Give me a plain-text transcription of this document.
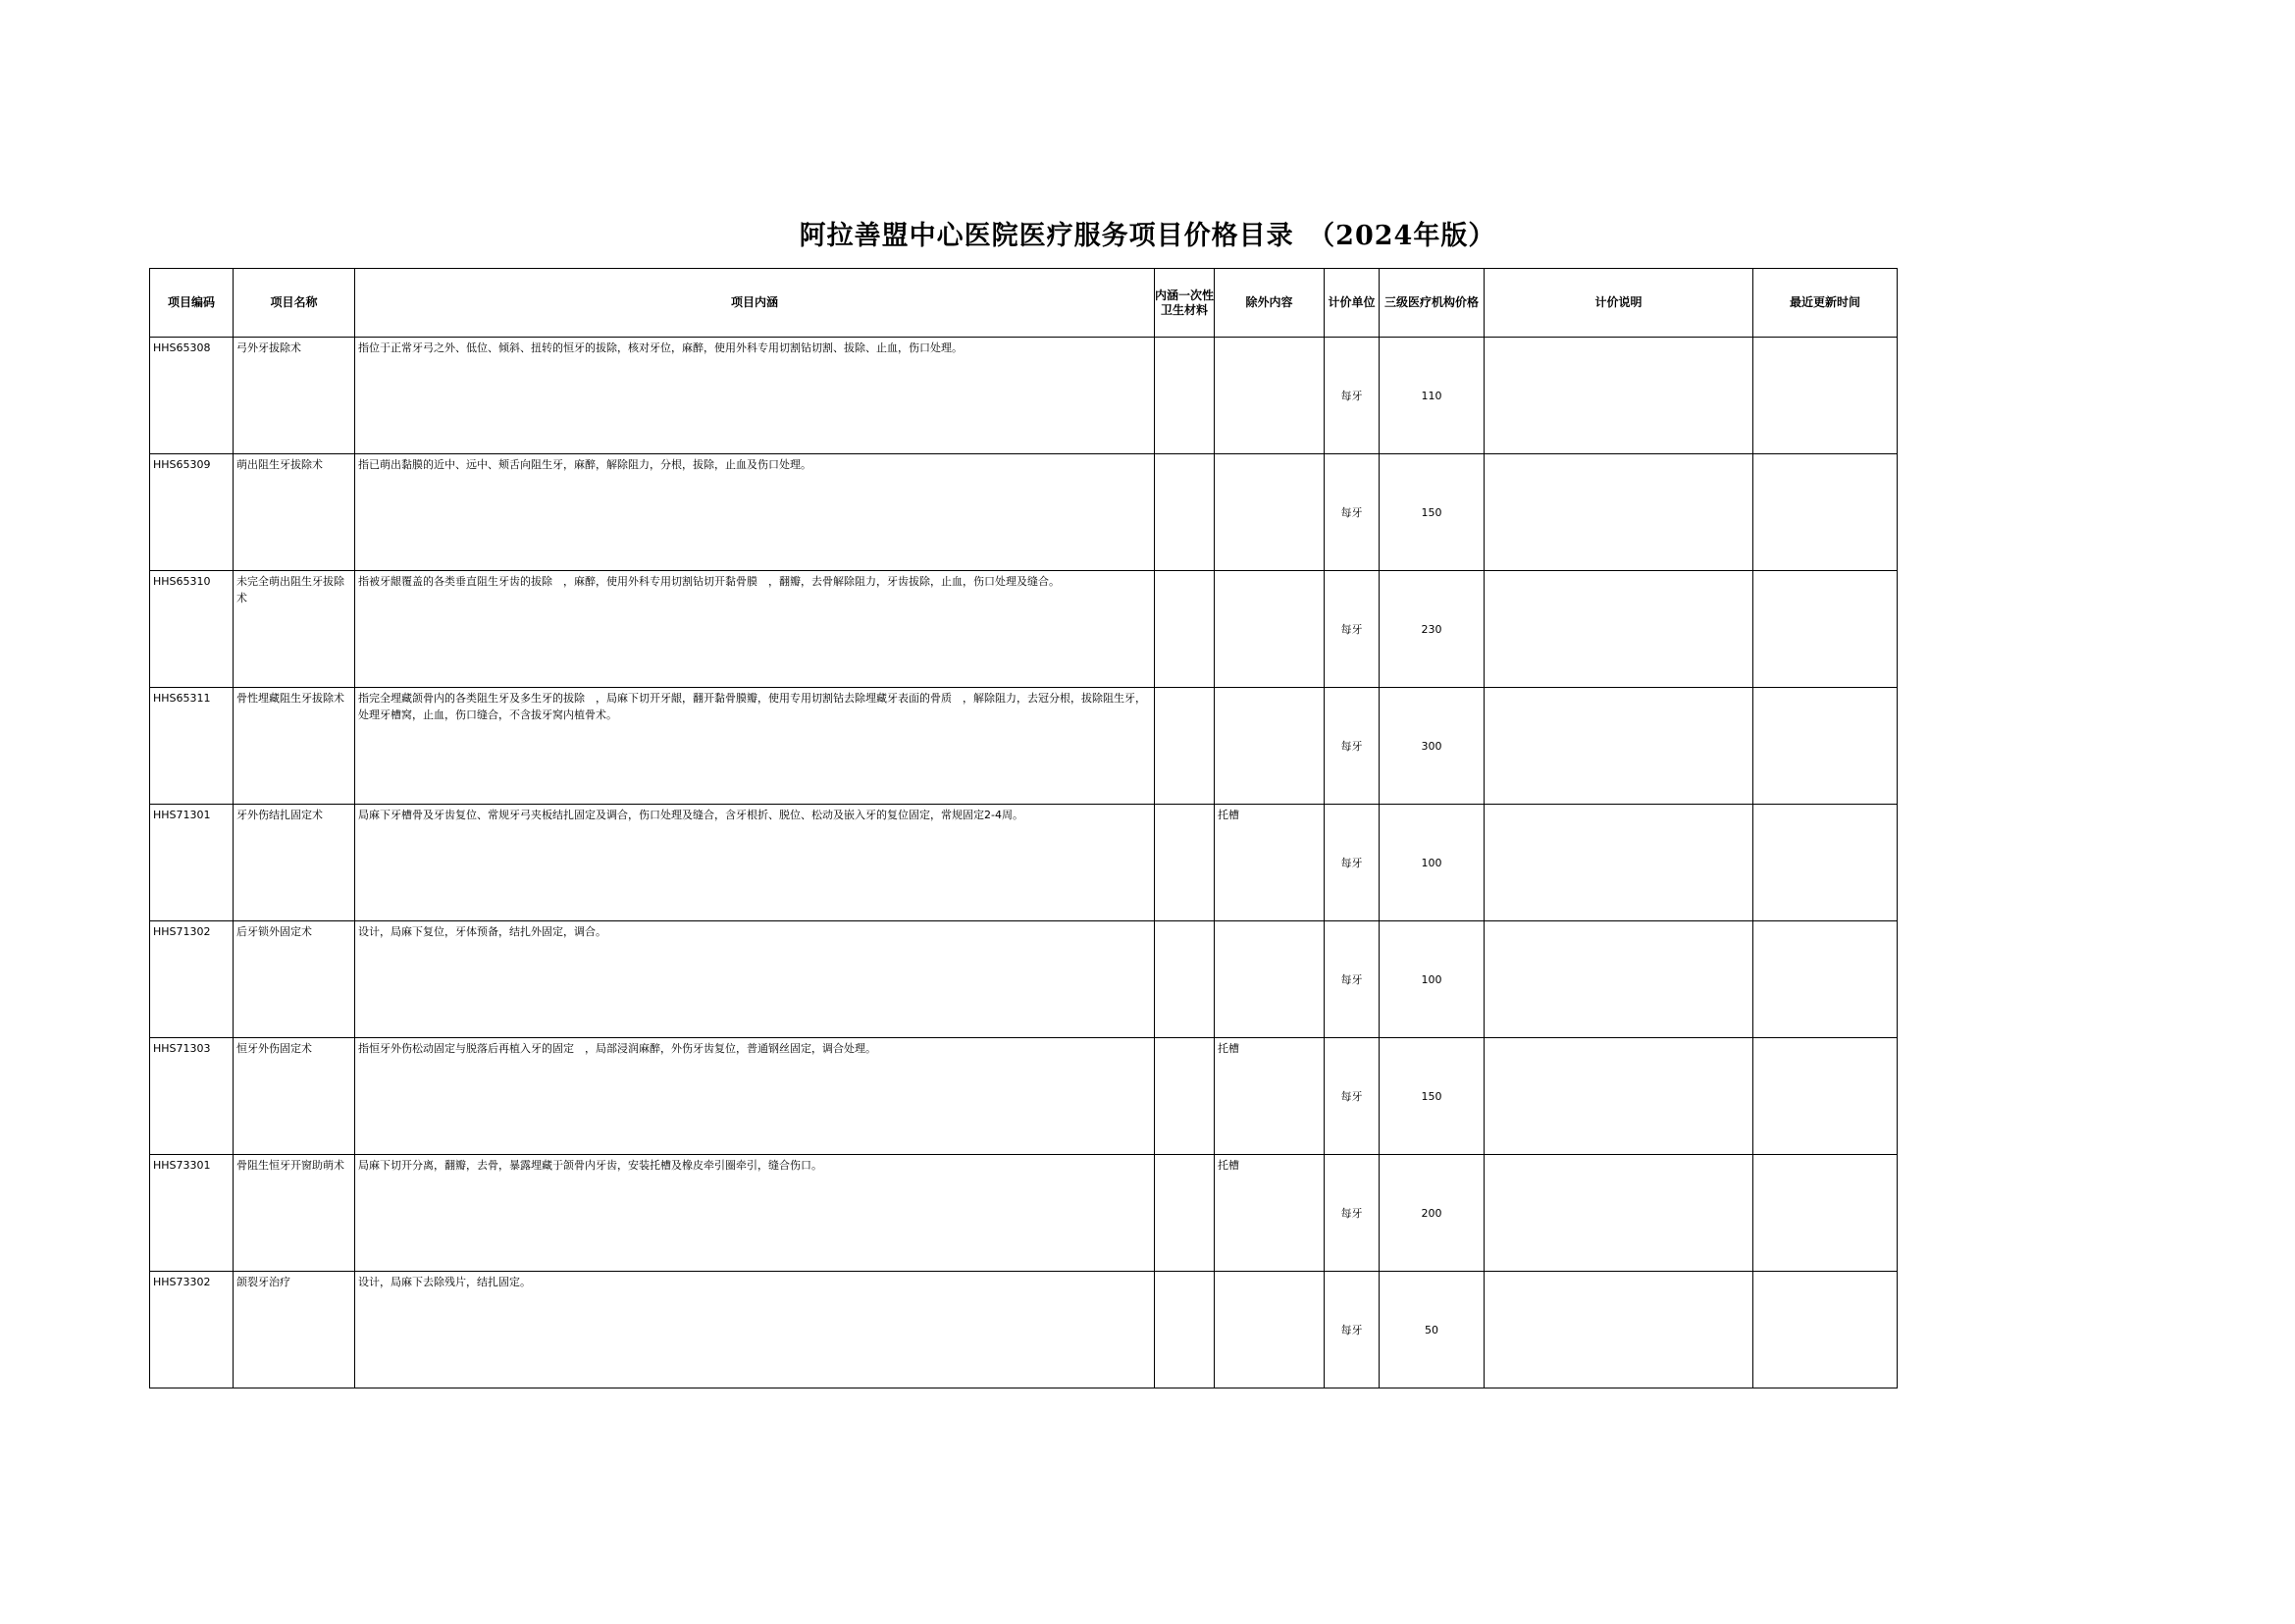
阿拉善盟中心医院医疗服务项目价格目录　（2024年版）
项目编码	项目名称	项目内涵	内涵一次性卫生材料	除外内容	计价单位	三级医疗机构价格	计价说明	最近更新时间
HHS65308	弓外牙拔除术	指位于正常牙弓之外、低位、倾斜、扭转的恒牙的拔除，核对牙位，麻醉，使用外科专用切割钻切割、拔除、止血，伤口处理。			每牙	110		
HHS65309	萌出阻生牙拔除术	指已萌出黏膜的近中、远中、颊舌向阻生牙，麻醉，解除阻力，分根，拔除，止血及伤口处理。			每牙	150		
HHS65310	未完全萌出阻生牙拔除术	指被牙龈覆盖的各类垂直阻生牙齿的拔除　，麻醉，使用外科专用切割钻切开黏骨膜　，翻瓣，去骨解除阻力，牙齿拔除，止血，伤口处理及缝合。			每牙	230		
HHS65311	骨性埋藏阻生牙拔除术	指完全埋藏颌骨内的各类阻生牙及多生牙的拔除　，局麻下切开牙龈，翻开黏骨膜瓣，使用专用切割钻去除埋藏牙表面的骨质　，解除阻力，去冠分根，拔除阻生牙，处理牙槽窝，止血，伤口缝合，不含拔牙窝内植骨术。			每牙	300		
HHS71301	牙外伤结扎固定术	局麻下牙槽骨及牙齿复位、常规牙弓夹板结扎固定及调合，伤口处理及缝合，含牙根折、脱位、松动及嵌入牙的复位固定，常规固定2-4周。		托槽	每牙	100		
HHS71302	后牙锁外固定术	设计，局麻下复位，牙体预备，结扎外固定，调合。			每牙	100		
HHS71303	恒牙外伤固定术	指恒牙外伤松动固定与脱落后再植入牙的固定　，局部浸润麻醉，外伤牙齿复位，普通钢丝固定，调合处理。		托槽	每牙	150		
HHS73301	骨阻生恒牙开窗助萌术	局麻下切开分离，翻瓣，去骨，暴露埋藏于颌骨内牙齿，安装托槽及橡皮牵引圈牵引，缝合伤口。		托槽	每牙	200		
HHS73302	颌裂牙治疗	设计，局麻下去除残片，结扎固定。			每牙	50		
